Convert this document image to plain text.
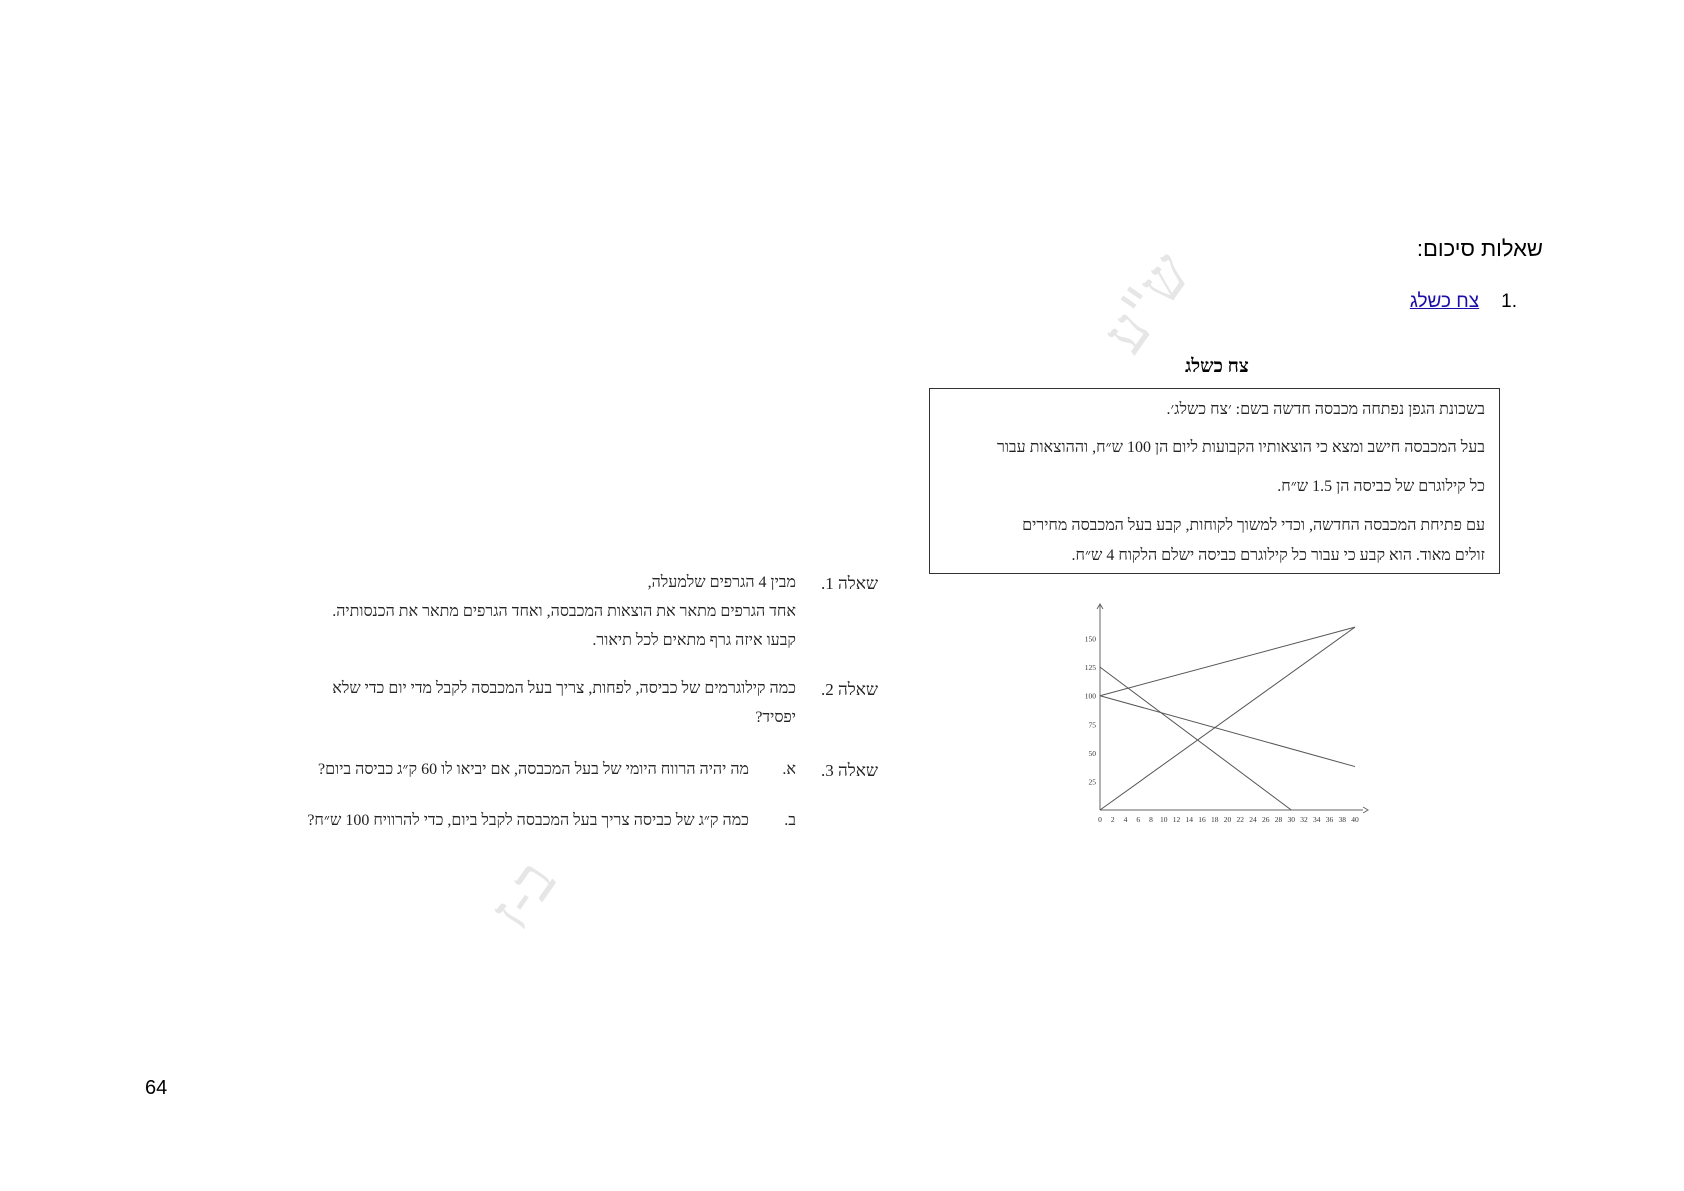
ש"ע
ב-ז
שאלות סיכום:
.1צח כשלג
צח כשלג
בשכונת הגפן נפתחה מכבסה חדשה בשם: ׳צח כשלג׳.
בעל המכבסה חישב ומצא כי הוצאותיו הקבועות ליום הן 100 ש״ח, וההוצאות עבור
כל קילוגרם של כביסה הן 1.5 ש״ח.
עם פתיחת המכבסה החדשה, וכדי למשוך לקוחות, קבע בעל המכבסה מחירים
זולים מאוד. הוא קבע כי עבור כל קילוגרם כביסה ישלם הלקוח 4 ש״ח.
0 2 4 6 8 10 12 14 16 18 20 22 24 26 28 30 32 34 36 38 40
25
50
75
100
125
150
שאלה 1.
מבין 4 הגרפים שלמעלה,
אחד הגרפים מתאר את הוצאות המכבסה, ואחד הגרפים מתאר את הכנסותיה.
קבעו איזה גרף מתאים לכל תיאור.
שאלה 2.
כמה קילוגרמים של כביסה, לפחות, צריך בעל המכבסה לקבל מדי יום כדי שלא
יפסיד?
שאלה 3.
א.
מה יהיה הרווח היומי של בעל המכבסה, אם יביאו לו 60 ק״ג כביסה ביום?
ב.
כמה ק״ג של כביסה צריך בעל המכבסה לקבל ביום, כדי להרוויח 100 ש״ח?
64
